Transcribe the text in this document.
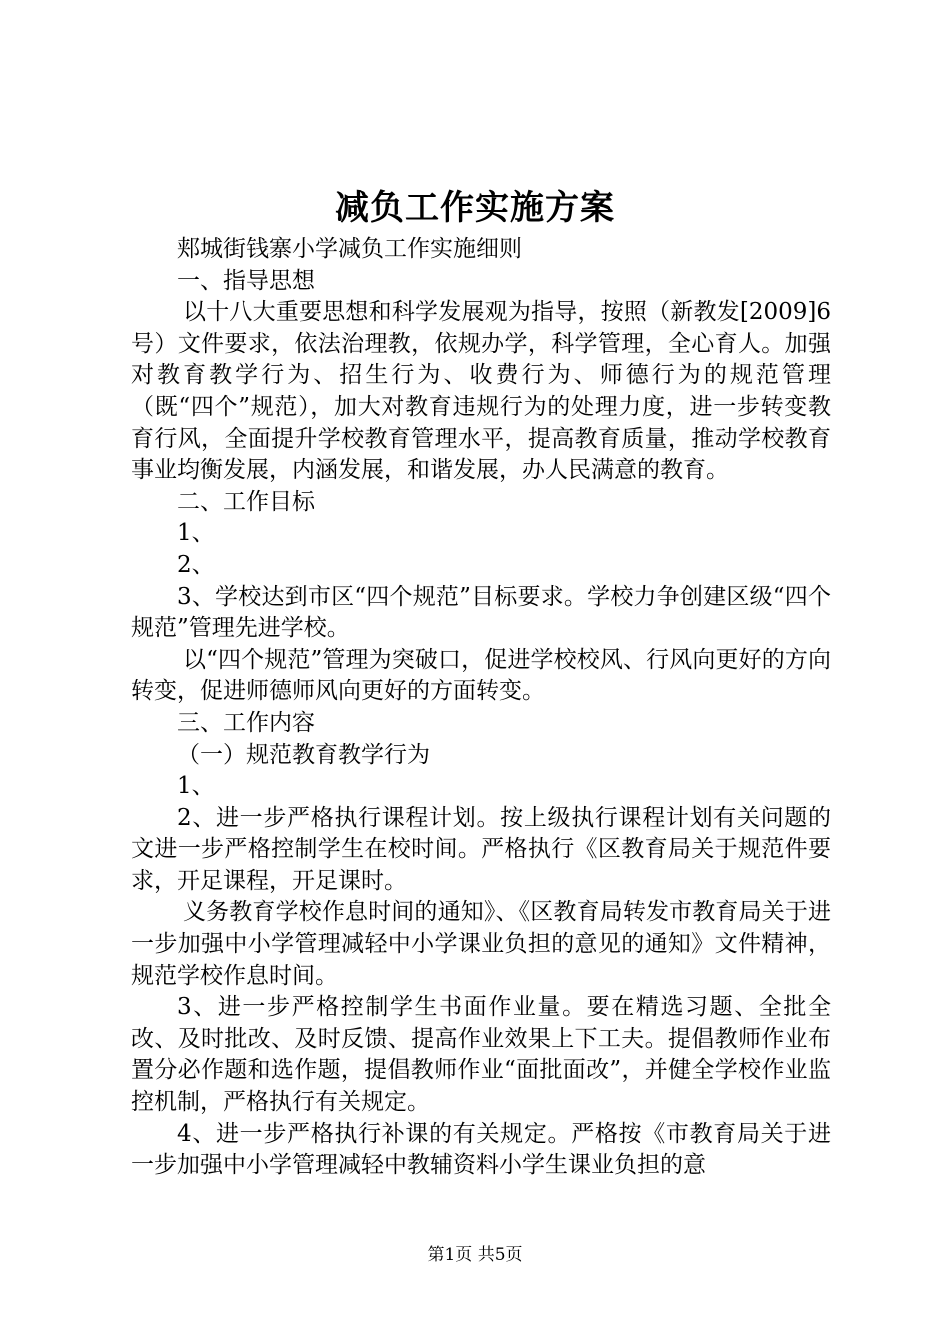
减负工作实施方案

郏城街钱寨小学减负工作实施细则

一、指导思想

以十八大重要思想和科学发展观为指导，按照（新教发[2009]6号）文件要求，依法治理教，依规办学，科学管理，全心育人。加强对教育教学行为、招生行为、收费行为、师德行为的规范管理（既“四个”规范），加大对教育违规行为的处理力度，进一步转变教育行风，全面提升学校教育管理水平，提高教育质量，推动学校教育事业均衡发展，内涵发展，和谐发展，办人民满意的教育。

二、工作目标

1、

2、

3、学校达到市区“四个规范”目标要求。学校力争创建区级“四个规范”管理先进学校。

以“四个规范”管理为突破口，促进学校校风、行风向更好的方向转变，促进师德师风向更好的方面转变。

三、工作内容

（一）规范教育教学行为

1、

2、进一步严格执行课程计划。按上级执行课程计划有关问题的文进一步严格控制学生在校时间。严格执行《区教育局关于规范件要求，开足课程，开足课时。

义务教育学校作息时间的通知》、《区教育局转发市教育局关于进一步加强中小学管理减轻中小学课业负担的意见的通知》文件精神，规范学校作息时间。

3、进一步严格控制学生书面作业量。要在精选习题、全批全改、及时批改、及时反馈、提高作业效果上下工夫。提倡教师作业布置分必作题和选作题，提倡教师作业“面批面改”，并健全学校作业监控机制，严格执行有关规定。

4、进一步严格执行补课的有关规定。严格按《市教育局关于进一步加强中小学管理减轻中教辅资料小学生课业负担的意

第1页 共5页
